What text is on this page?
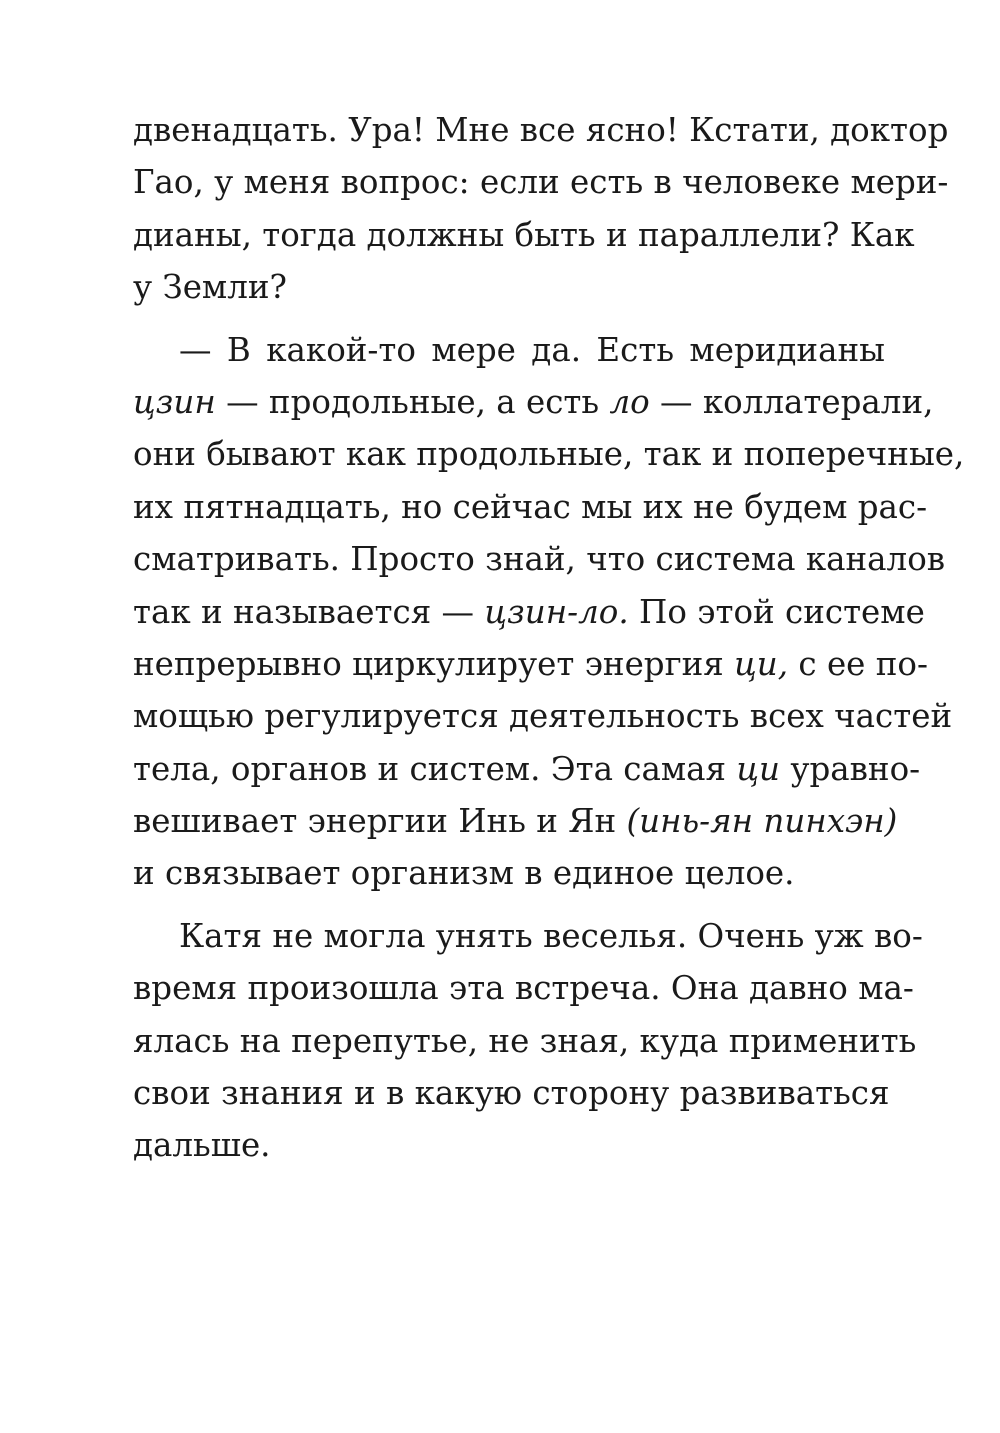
двенадцать. Ура! Мне все ясно! Кстати, доктор
Гао, у меня вопрос: если есть в человеке мери-
дианы, тогда должны быть и параллели? Как
у Земли?
— В какой-то мере да. Есть меридианы
цзин — продольные, а есть ло — коллатерали,
они бывают как продольные, так и поперечные,
их пятнадцать, но сейчас мы их не будем рас-
сматривать. Просто знай, что система каналов
так и называется — цзин-ло. По этой системе
непрерывно циркулирует энергия ци, с ее по-
мощью регулируется деятельность всех частей
тела, органов и систем. Эта самая ци уравно-
вешивает энергии Инь и Ян (инь-ян пинхэн)
и связывает организм в единое целое.
Катя не могла унять веселья. Очень уж во-
время произошла эта встреча. Она давно ма-
ялась на перепутье, не зная, куда применить
свои знания и в какую сторону развиваться
дальше.
